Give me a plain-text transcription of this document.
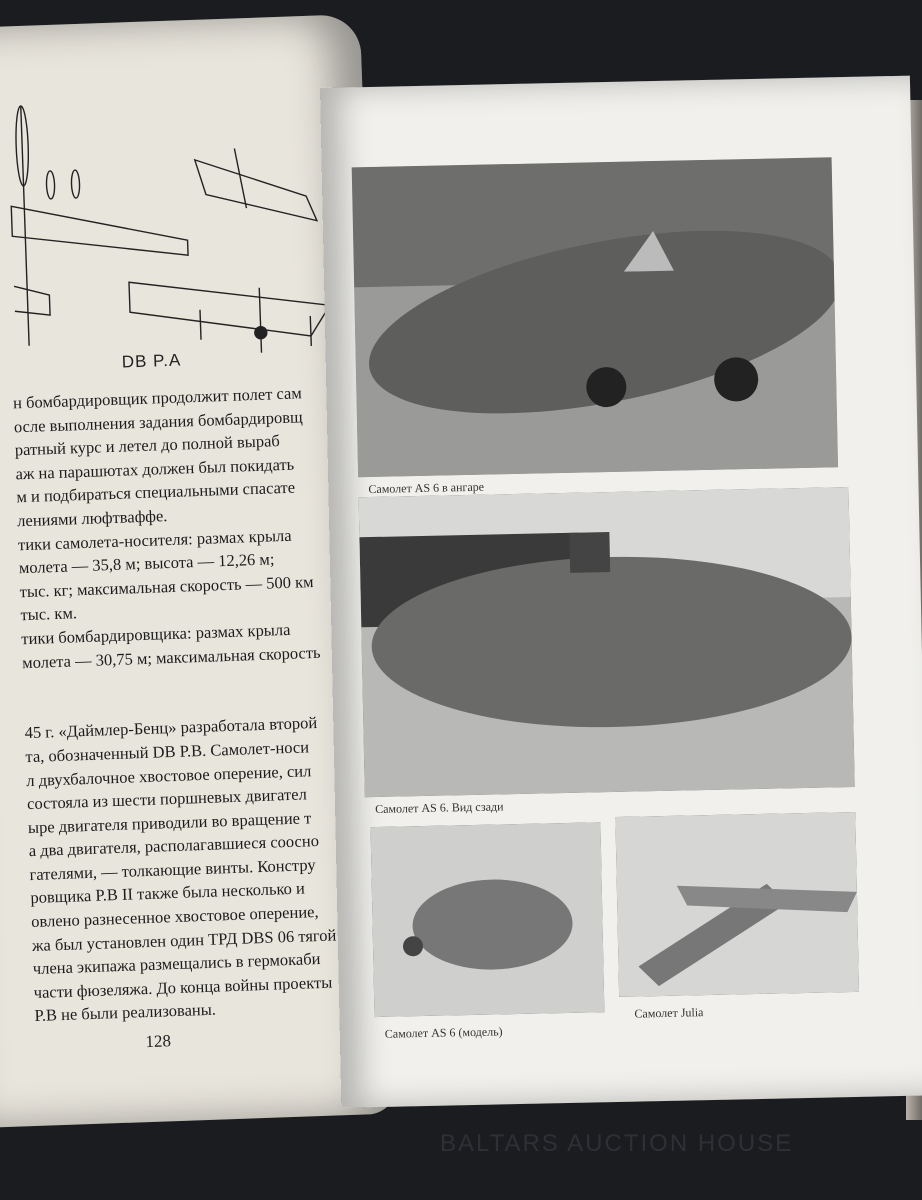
DB P.A
н бомбардировщик продолжит полет сам
осле выполнения задания бомбардировщ
ратный курс и летел до полной выраб
аж на парашютах должен был покидать
м и подбираться специальными спасате
лениями люфтваффе.
тики самолета-носителя: размах крыла
молета — 35,8 м; высота — 12,26 м;
тыс. кг; максимальная скорость — 500 км
тыс. км.
тики бомбардировщика: размах крыла
молета — 30,75 м; максимальная скорость
45 г. «Даймлер-Бенц» разработала второй
та, обозначенный DB P.B. Самолет-носи
л двухбалочное хвостовое оперение, сил
состояла из шести поршневых двигател
ыре двигателя приводили во вращение т
а два двигателя, располагавшиеся соосно
гателями, — толкающие винты. Констру
ровщика P.B II также была несколько и
овлено разнесенное хвостовое оперение,
жа был установлен один ТРД DBS 06 тягой
члена экипажа размещались в гермокаби
части фюзеляжа. До конца войны проекты
P.B не были реализованы.
128
Самолет AS 6 в ангаре
Самолет AS 6. Вид сзади
Самолет AS 6 (модель)
Самолет Julia
BALTARS AUCTION HOUSE
